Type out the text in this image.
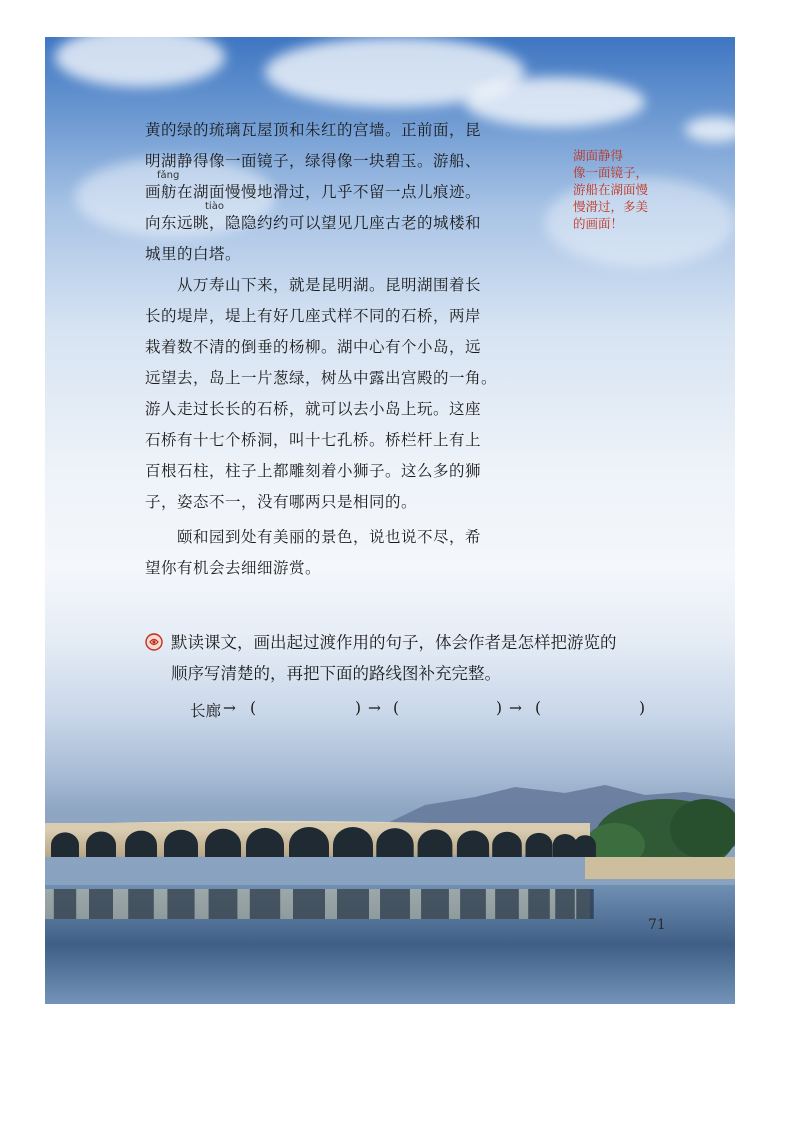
黄的绿的琉璃瓦屋顶和朱红的宫墙。正前面，昆
明湖静得像一面镜子，绿得像一块碧玉。游船、
画舫在湖面慢慢地滑过，几乎不留一点儿痕迹。
向东远眺，隐隐约约可以望见几座古老的城楼和
城里的白塔。

fǎng
tiào

　　从万寿山下来，就是昆明湖。昆明湖围着长
长的堤岸，堤上有好几座式样不同的石桥，两岸
栽着数不清的倒垂的杨柳。湖中心有个小岛，远
远望去，岛上一片葱绿，树丛中露出宫殿的一角。
游人走过长长的石桥，就可以去小岛上玩。这座
石桥有十七个桥洞，叫十七孔桥。桥栏杆上有上
百根石柱，柱子上都雕刻着小狮子。这么多的狮
子，姿态不一，没有哪两只是相同的。

　　颐和园到处有美丽的景色，说也说不尽，希
望你有机会去细细游赏。

湖面静得
像一面镜子，
游船在湖面慢
慢滑过，多美
的画面！

默读课文，画出起过渡作用的句子，体会作者是怎样把游览的
顺序写清楚的，再把下面的路线图补充完整。

长廊 → (	) → (	) → (	)
71
